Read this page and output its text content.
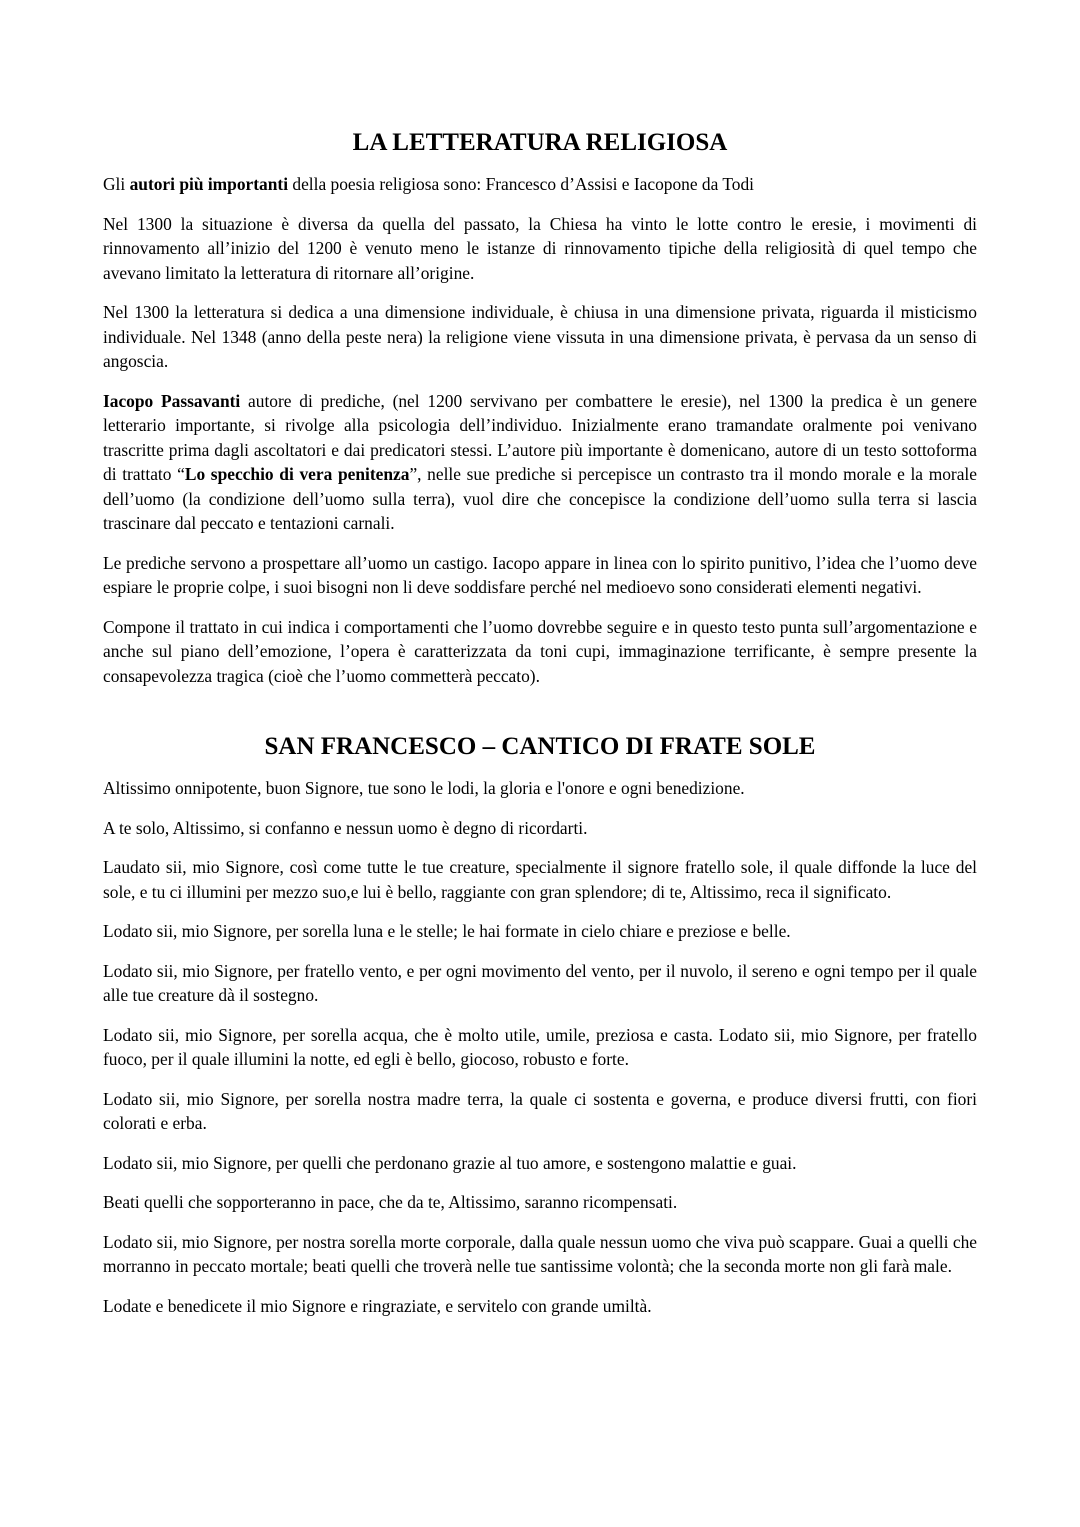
LA LETTERATURA RELIGIOSA

Gli autori più importanti della poesia religiosa sono: Francesco d’Assisi e Iacopone da Todi

Nel 1300 la situazione è diversa da quella del passato, la Chiesa ha vinto le lotte contro le eresie, i movimenti di rinnovamento all’inizio del 1200 è venuto meno le istanze di rinnovamento tipiche della religiosità di quel tempo che avevano limitato la letteratura di ritornare all’origine.

Nel 1300 la letteratura si dedica a una dimensione individuale, è chiusa in una dimensione privata, riguarda il misticismo individuale. Nel 1348 (anno della peste nera) la religione viene vissuta in una dimensione privata, è pervasa da un senso di angoscia.

Iacopo Passavanti autore di prediche, (nel 1200 servivano per combattere le eresie), nel 1300 la predica è un genere letterario importante, si rivolge alla psicologia dell’individuo. Inizialmente erano tramandate oralmente poi venivano trascritte prima dagli ascoltatori e dai predicatori stessi. L’autore più importante è domenicano, autore di un testo sottoforma di trattato “Lo specchio di vera penitenza”, nelle sue prediche si percepisce un contrasto tra il mondo morale e la morale dell’uomo (la condizione dell’uomo sulla terra), vuol dire che concepisce la condizione dell’uomo sulla terra si lascia trascinare dal peccato e tentazioni carnali.

Le prediche servono a prospettare all’uomo un castigo. Iacopo appare in linea con lo spirito punitivo, l’idea che l’uomo deve espiare le proprie colpe, i suoi bisogni non li deve soddisfare perché nel medioevo sono considerati elementi negativi.

Compone il trattato in cui indica i comportamenti che l’uomo dovrebbe seguire e in questo testo punta sull’argomentazione e anche sul piano dell’emozione, l’opera è caratterizzata da toni cupi, immaginazione terrificante, è sempre presente la consapevolezza tragica (cioè che l’uomo commetterà peccato).

SAN FRANCESCO – CANTICO DI FRATE SOLE

Altissimo onnipotente, buon Signore, tue sono le lodi, la gloria e l'onore e ogni benedizione.

A te solo, Altissimo, si confanno e nessun uomo è degno di ricordarti.

Laudato sii, mio Signore, così come tutte le tue creature, specialmente il signore fratello sole, il quale diffonde la luce del sole, e tu ci illumini per mezzo suo,e lui è bello, raggiante con gran splendore; di te, Altissimo, reca il significato.

Lodato sii, mio Signore, per sorella luna e le stelle; le hai formate in cielo chiare e preziose e belle.

Lodato sii, mio Signore, per fratello vento, e per ogni movimento del vento, per il nuvolo, il sereno e ogni tempo per il quale alle tue creature dà il sostegno.

Lodato sii, mio Signore, per sorella acqua, che è molto utile, umile, preziosa e casta. Lodato sii, mio Signore, per fratello fuoco, per il quale illumini la notte, ed egli è bello, giocoso, robusto e forte.

Lodato sii, mio Signore, per sorella nostra madre terra, la quale ci sostenta e governa, e produce diversi frutti, con fiori colorati e erba.

Lodato sii, mio Signore, per quelli che perdonano grazie al tuo amore, e sostengono malattie e guai.

Beati quelli che sopporteranno in pace, che da te, Altissimo, saranno ricompensati.

Lodato sii, mio Signore, per nostra sorella morte corporale, dalla quale nessun uomo che viva può scappare. Guai a quelli che morranno in peccato mortale; beati quelli che troverà nelle tue santissime volontà; che la seconda morte non gli farà male.

Lodate e benedicete il mio Signore e ringraziate, e servitelo con grande umiltà.
